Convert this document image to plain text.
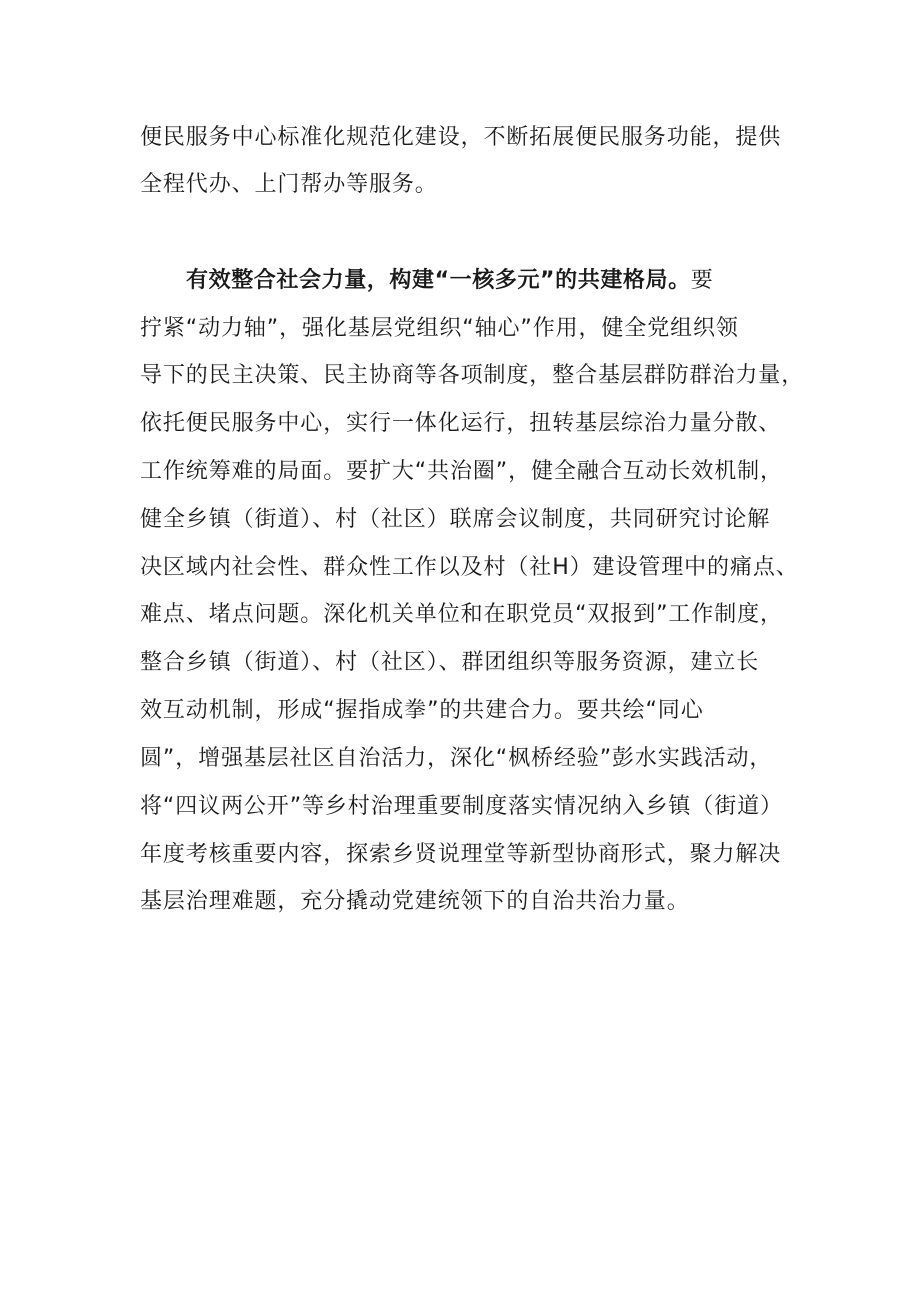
便民服务中心标准化规范化建设，不断拓展便民服务功能，提供
全程代办、上门帮办等服务。
有效整合社会力量，构建“一核多元”的共建格局。要
拧紧“动力轴”，强化基层党组织“轴心”作用，健全党组织领
导下的民主决策、民主协商等各项制度，整合基层群防群治力量，
依托便民服务中心，实行一体化运行，扭转基层综治力量分散、
工作统筹难的局面。要扩大“共治圈”，健全融合互动长效机制，
健全乡镇（街道）、村（社区）联席会议制度，共同研究讨论解
决区域内社会性、群众性工作以及村（社H）建设管理中的痛点、
难点、堵点问题。深化机关单位和在职党员“双报到”工作制度，
整合乡镇（街道）、村（社区）、群团组织等服务资源，建立长
效互动机制，形成“握指成拳”的共建合力。要共绘“同心
圆”，增强基层社区自治活力，深化“枫桥经验”彭水实践活动，
将“四议两公开”等乡村治理重要制度落实情况纳入乡镇（街道）
年度考核重要内容，探索乡贤说理堂等新型协商形式，聚力解决
基层治理难题，充分撬动党建统领下的自治共治力量。
